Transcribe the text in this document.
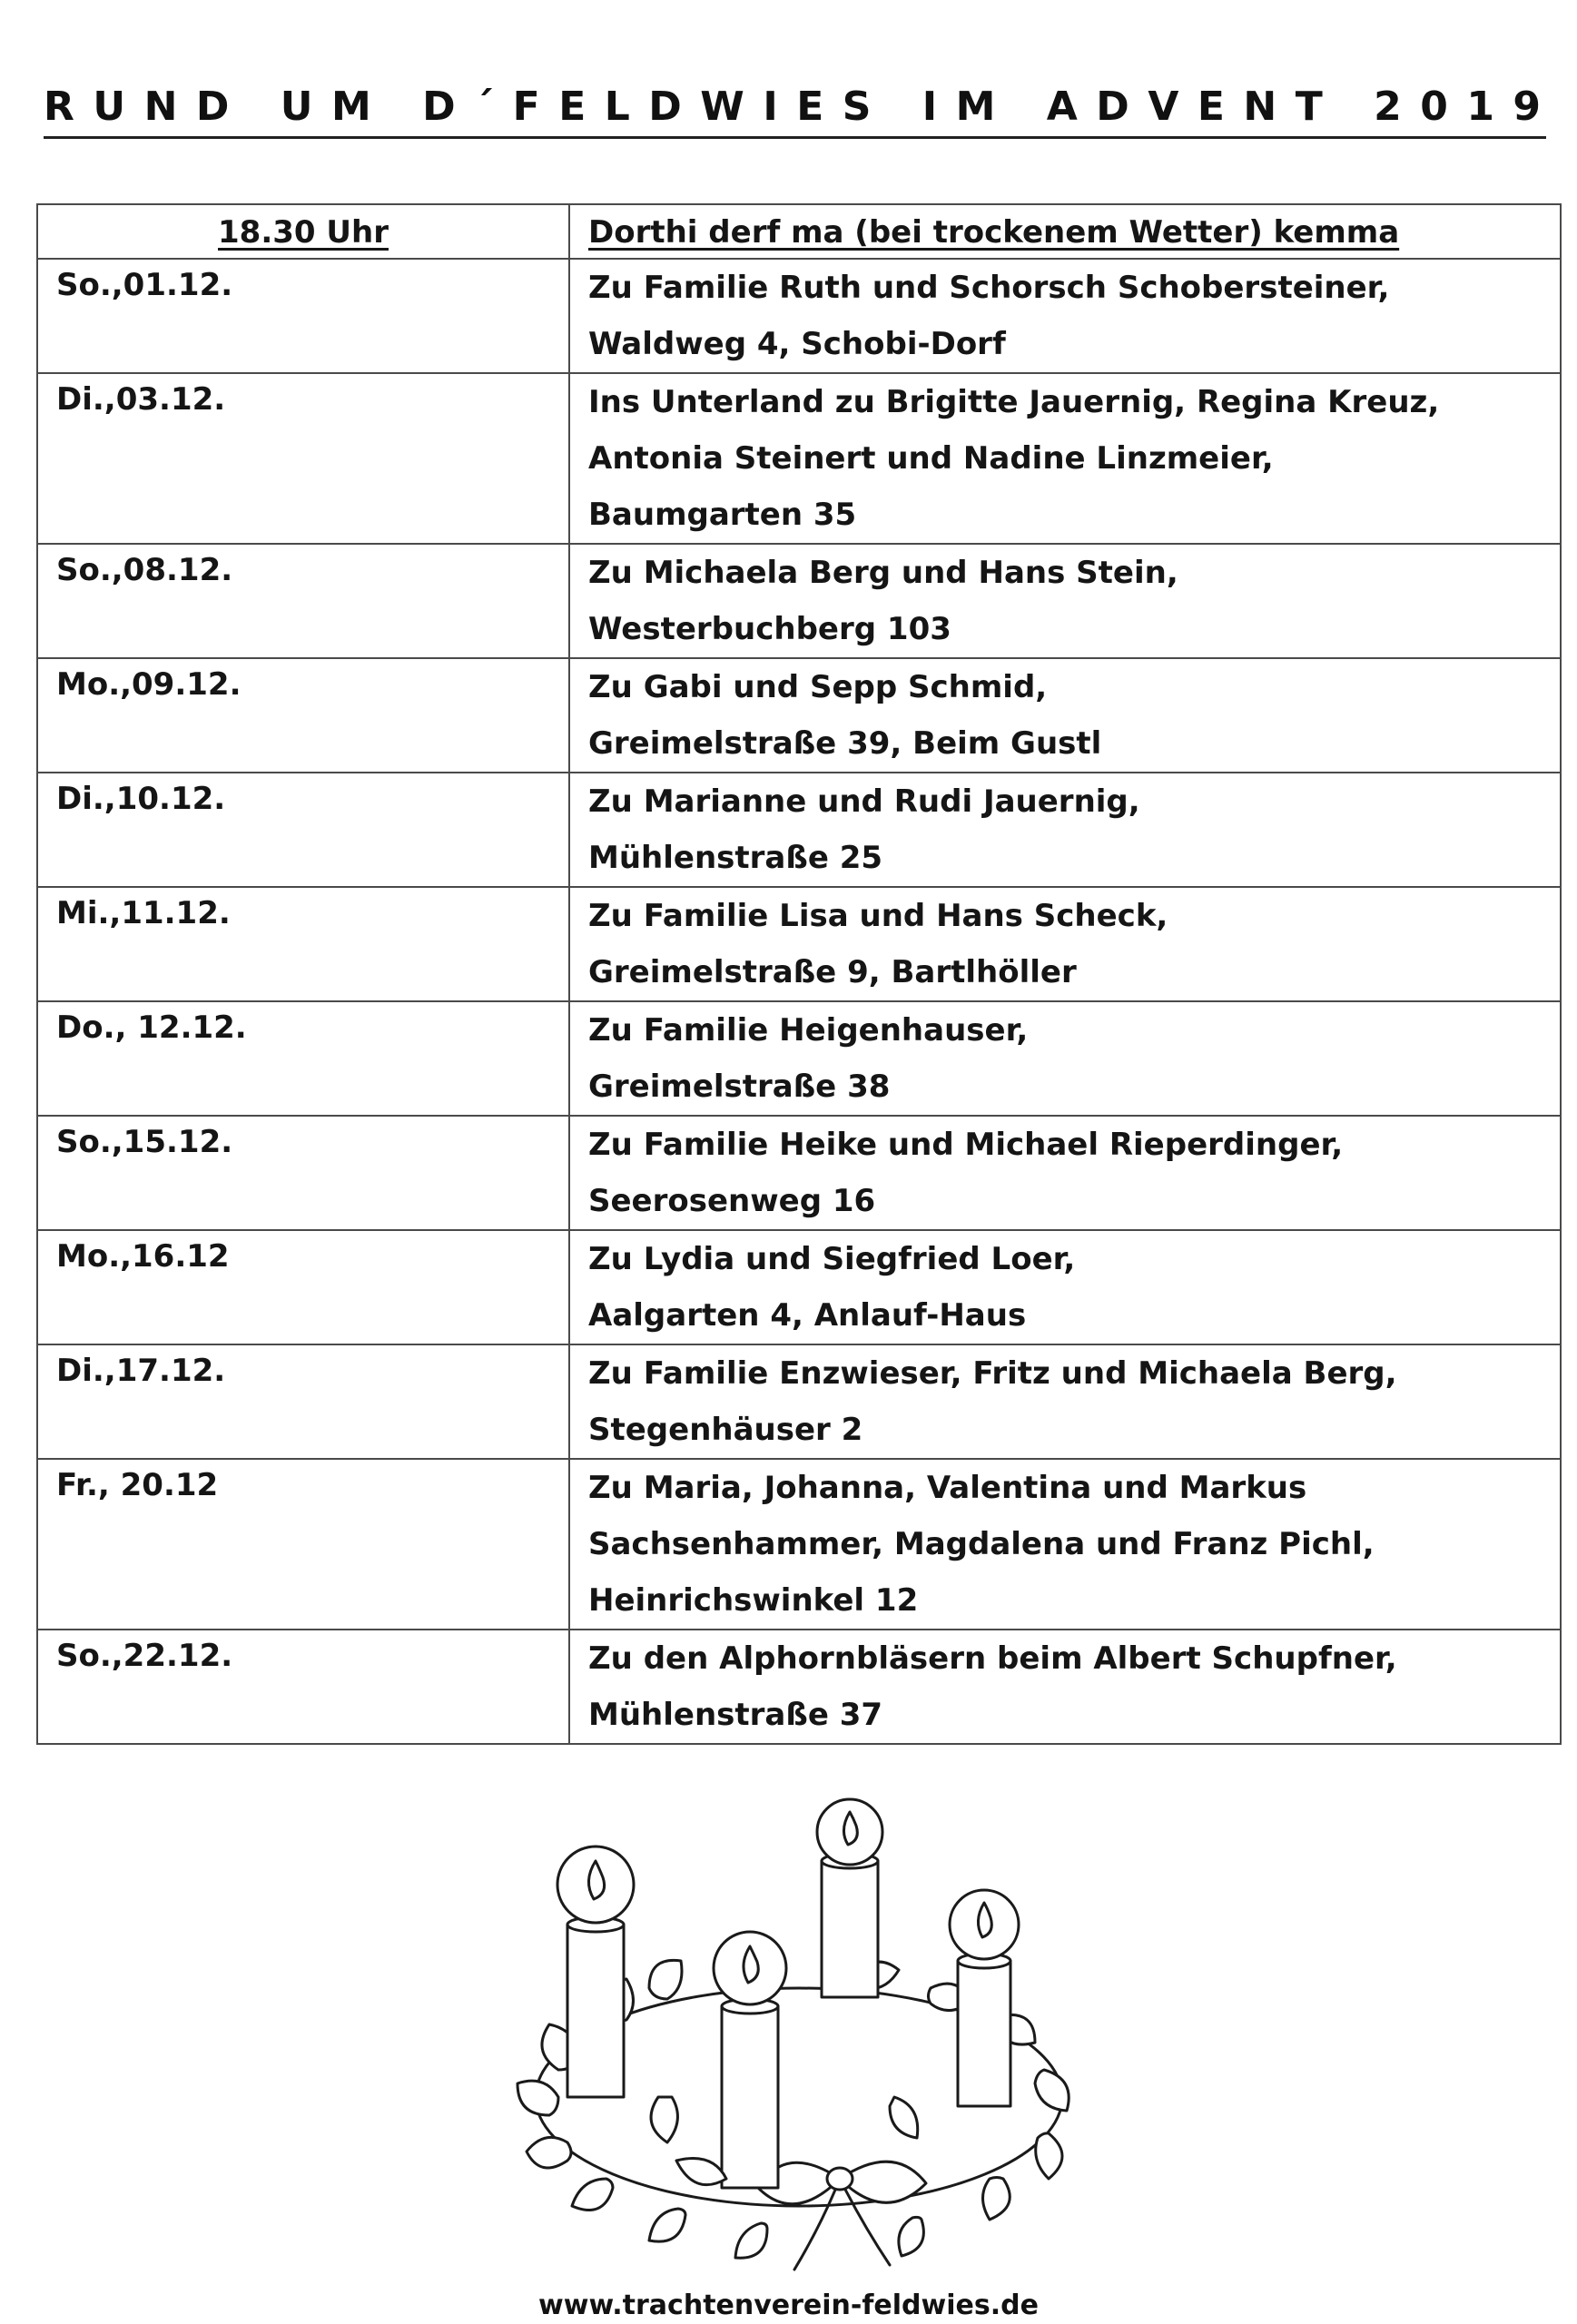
RUND UM D´FELDWIES IM ADVENT 2019
18.30 Uhr	Dorthi derf ma (bei trockenem Wetter) kemma

So.,01.12.	Zu Familie Ruth und Schorsch Schobersteiner,
Waldweg 4, Schobi-Dorf

Di.,03.12.	Ins Unterland zu Brigitte Jauernig, Regina Kreuz,
Antonia Steinert und Nadine Linzmeier,
Baumgarten 35

So.,08.12.	Zu Michaela Berg und Hans Stein,
Westerbuchberg 103

Mo.,09.12.	Zu Gabi und Sepp Schmid,
Greimelstraße 39, Beim Gustl

Di.,10.12.	Zu Marianne und Rudi Jauernig,
Mühlenstraße 25

Mi.,11.12.	Zu Familie Lisa und Hans Scheck,
Greimelstraße 9, Bartlhöller

Do., 12.12.	Zu Familie Heigenhauser,
Greimelstraße 38

So.,15.12.	Zu Familie Heike und Michael Rieperdinger,
Seerosenweg 16

Mo.,16.12	Zu Lydia und Siegfried Loer,
Aalgarten 4, Anlauf-Haus

Di.,17.12.	Zu Familie Enzwieser, Fritz und Michaela Berg,
Stegenhäuser 2

Fr., 20.12	Zu Maria, Johanna, Valentina und Markus
Sachsenhammer, Magdalena und Franz Pichl,
Heinrichswinkel 12

So.,22.12.	Zu den Alphornbläsern beim Albert Schupfner,
Mühlenstraße 37
www.trachtenverein-feldwies.de
